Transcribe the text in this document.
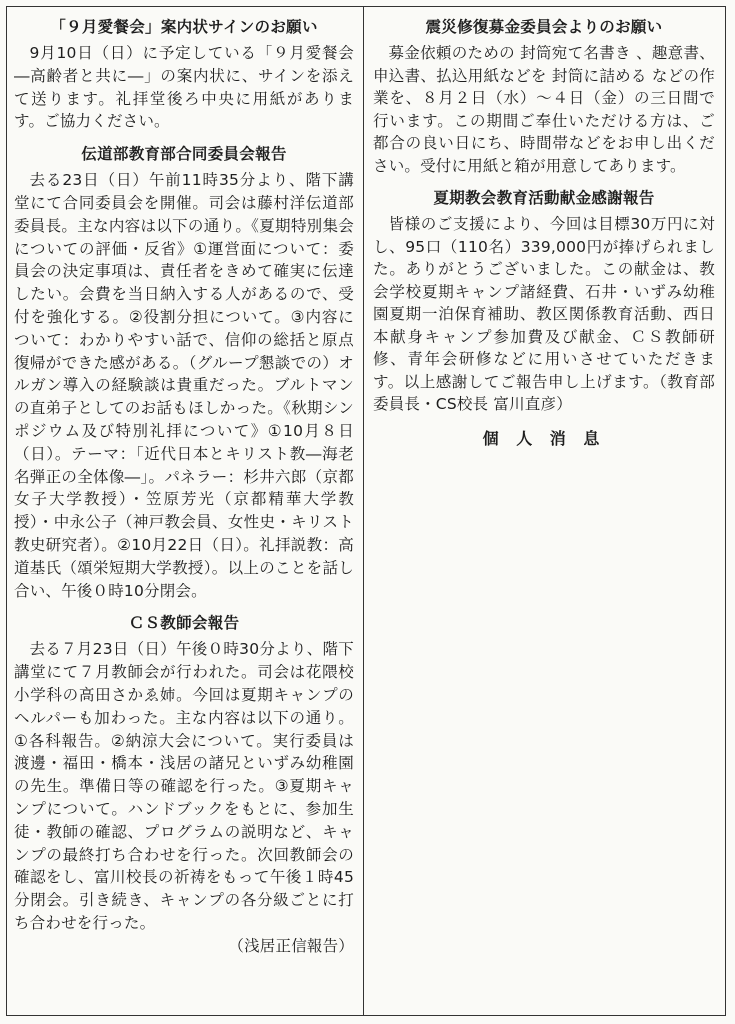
「９月愛餐会」案内状サインのお願い

9月10日（日）に予定している「９月愛餐会―高齢者と共に―」の案内状に、サインを添えて送ります。礼拝堂後ろ中央に用紙があります。ご協力ください。

伝道部教育部合同委員会報告

去る23日（日）午前11時35分より、階下講堂にて合同委員会を開催。司会は藤村洋伝道部委員長。主な内容は以下の通り。《夏期特別集会についての評価・反省》①運営面について：委員会の決定事項は、責任者をきめて確実に伝達したい。会費を当日納入する人があるので、受付を強化する。②役割分担について。③内容について：わかりやすい話で、信仰の総括と原点復帰ができた感がある。（グループ懇談での）オルガン導入の経験談は貴重だった。ブルトマンの直弟子としてのお話もほしかった。《秋期シンポジウム及び特別礼拝について》①10月８日（日）。テーマ：「近代日本とキリスト教―海老名弾正の全体像―」。パネラー：杉井六郎（京都女子大学教授）・笠原芳光（京都精華大学教授）・中永公子（神戸教会員、女性史・キリスト教史研究者）。②10月22日（日）。礼拝説教：高道基氏（頌栄短期大学教授）。以上のことを話し合い、午後０時10分閉会。

ＣＳ教師会報告

去る７月23日（日）午後０時30分より、階下講堂にて７月教師会が行われた。司会は花隈校小学科の高田さかゑ姉。今回は夏期キャンプのヘルパーも加わった。主な内容は以下の通り。①各科報告。②納涼大会について。実行委員は渡邊・福田・橋本・浅居の諸兄といずみ幼稚園の先生。準備日等の確認を行った。③夏期キャンプについて。ハンドブックをもとに、参加生徒・教師の確認、プログラムの説明など、キャンプの最終打ち合わせを行った。次回教師会の確認をし、富川校長の祈祷をもって午後１時45分閉会。引き続き、キャンプの各分級ごとに打ち合わせを行った。
（浅居正信報告）

震災修復募金委員会よりのお願い

募金依頼のための 封筒宛て名書き 、趣意書、申込書、払込用紙などを 封筒に詰める などの作業を、８月２日（水）～４日（金）の三日間で行います。この期間ご奉仕いただける方は、ご都合の良い日にち、時間帯などをお申し出ください。受付に用紙と箱が用意してあります。

夏期教会教育活動献金感謝報告

皆様のご支援により、今回は目標30万円に対し、95口（110名）339,000円が捧げられました。ありがとうございました。この献金は、教会学校夏期キャンプ諸経費、石井・いずみ幼稚園夏期一泊保育補助、教区関係教育活動、西日本献身キャンプ参加費及び献金、ＣＳ教師研修、青年会研修などに用いさせていただきます。以上感謝してご報告申し上げます。（教育部委員長・CS校長 富川直彦）

個 人 消 息
